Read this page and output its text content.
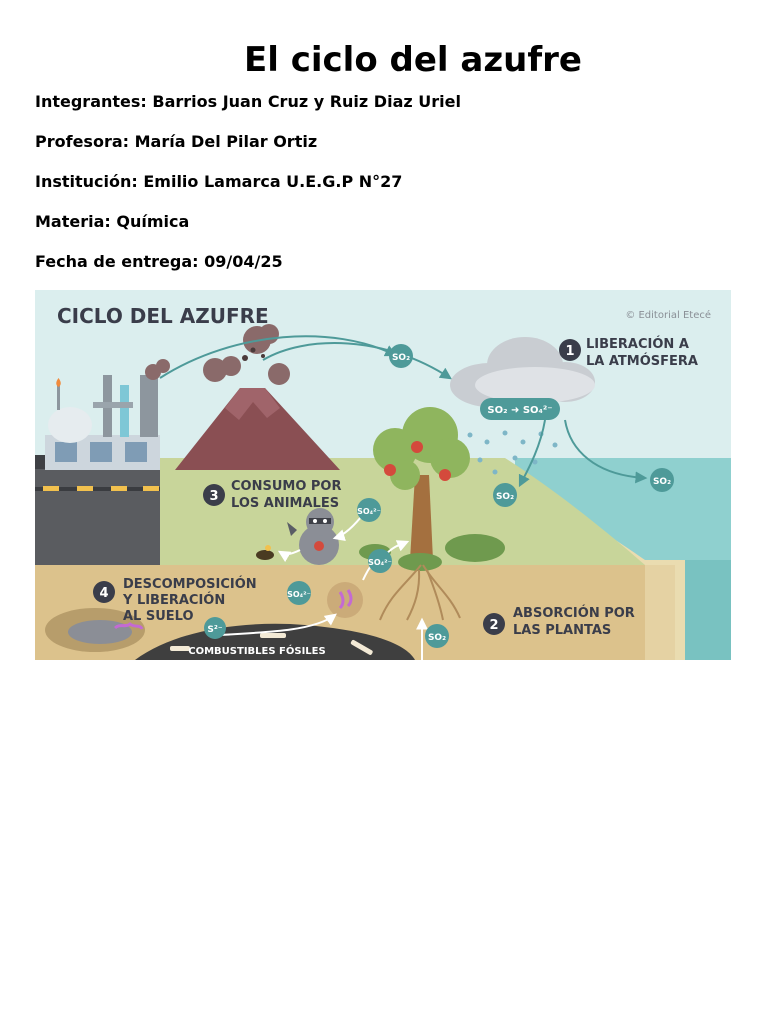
El ciclo del azufre

Integrantes: Barrios Juan Cruz y Ruiz Diaz Uriel

Profesora: María Del Pilar Ortiz

Institución: Emilio Lamarca U.E.G.P N°27

Materia: Química

Fecha de entrega: 09/04/25

SO₂
SO₂ ➜ SO₄²⁻
SO₂
SO₂
SO₄²⁻
SO₄²⁻
SO₄²⁻
S²⁻
SO₂
CICLO DEL AZUFRE	© Editorial Etecé
1 LIBERACIÓN A
LA ATMÓSFERA
2
ABSORCIÓN POR
LAS PLANTAS
3
CONSUMO POR
LOS ANIMALES
4
DESCOMPOSICIÓN
Y LIBERACIÓN
AL SUELO
COMBUSTIBLES FÓSILES
